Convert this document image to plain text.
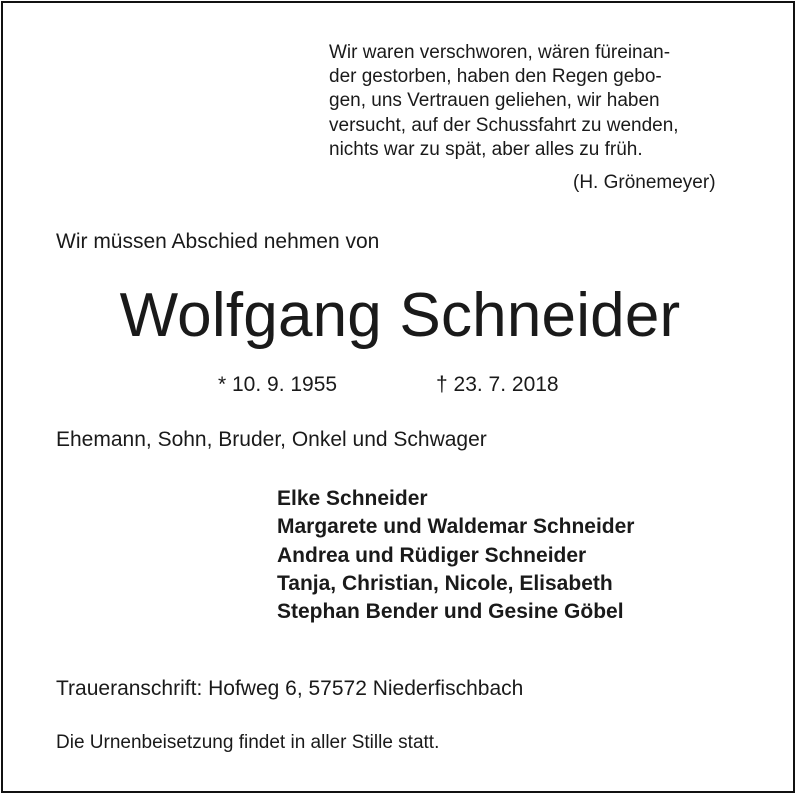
Wir waren verschworen, wären füreinan-
der gestorben, haben den Regen gebo-
gen, uns Vertrauen geliehen, wir haben
versucht, auf der Schussfahrt zu wenden,
nichts war zu spät, aber alles zu früh.
(H. Grönemeyer)
Wir müssen Abschied nehmen von
Wolfgang Schneider
* 10. 9. 1955	† 23. 7. 2018
Ehemann, Sohn, Bruder, Onkel und Schwager
Elke Schneider
Margarete und Waldemar Schneider
Andrea und Rüdiger Schneider
Tanja, Christian, Nicole, Elisabeth
Stephan Bender und Gesine Göbel
Traueranschrift: Hofweg 6, 57572 Niederfischbach
Die Urnenbeisetzung findet in aller Stille statt.
